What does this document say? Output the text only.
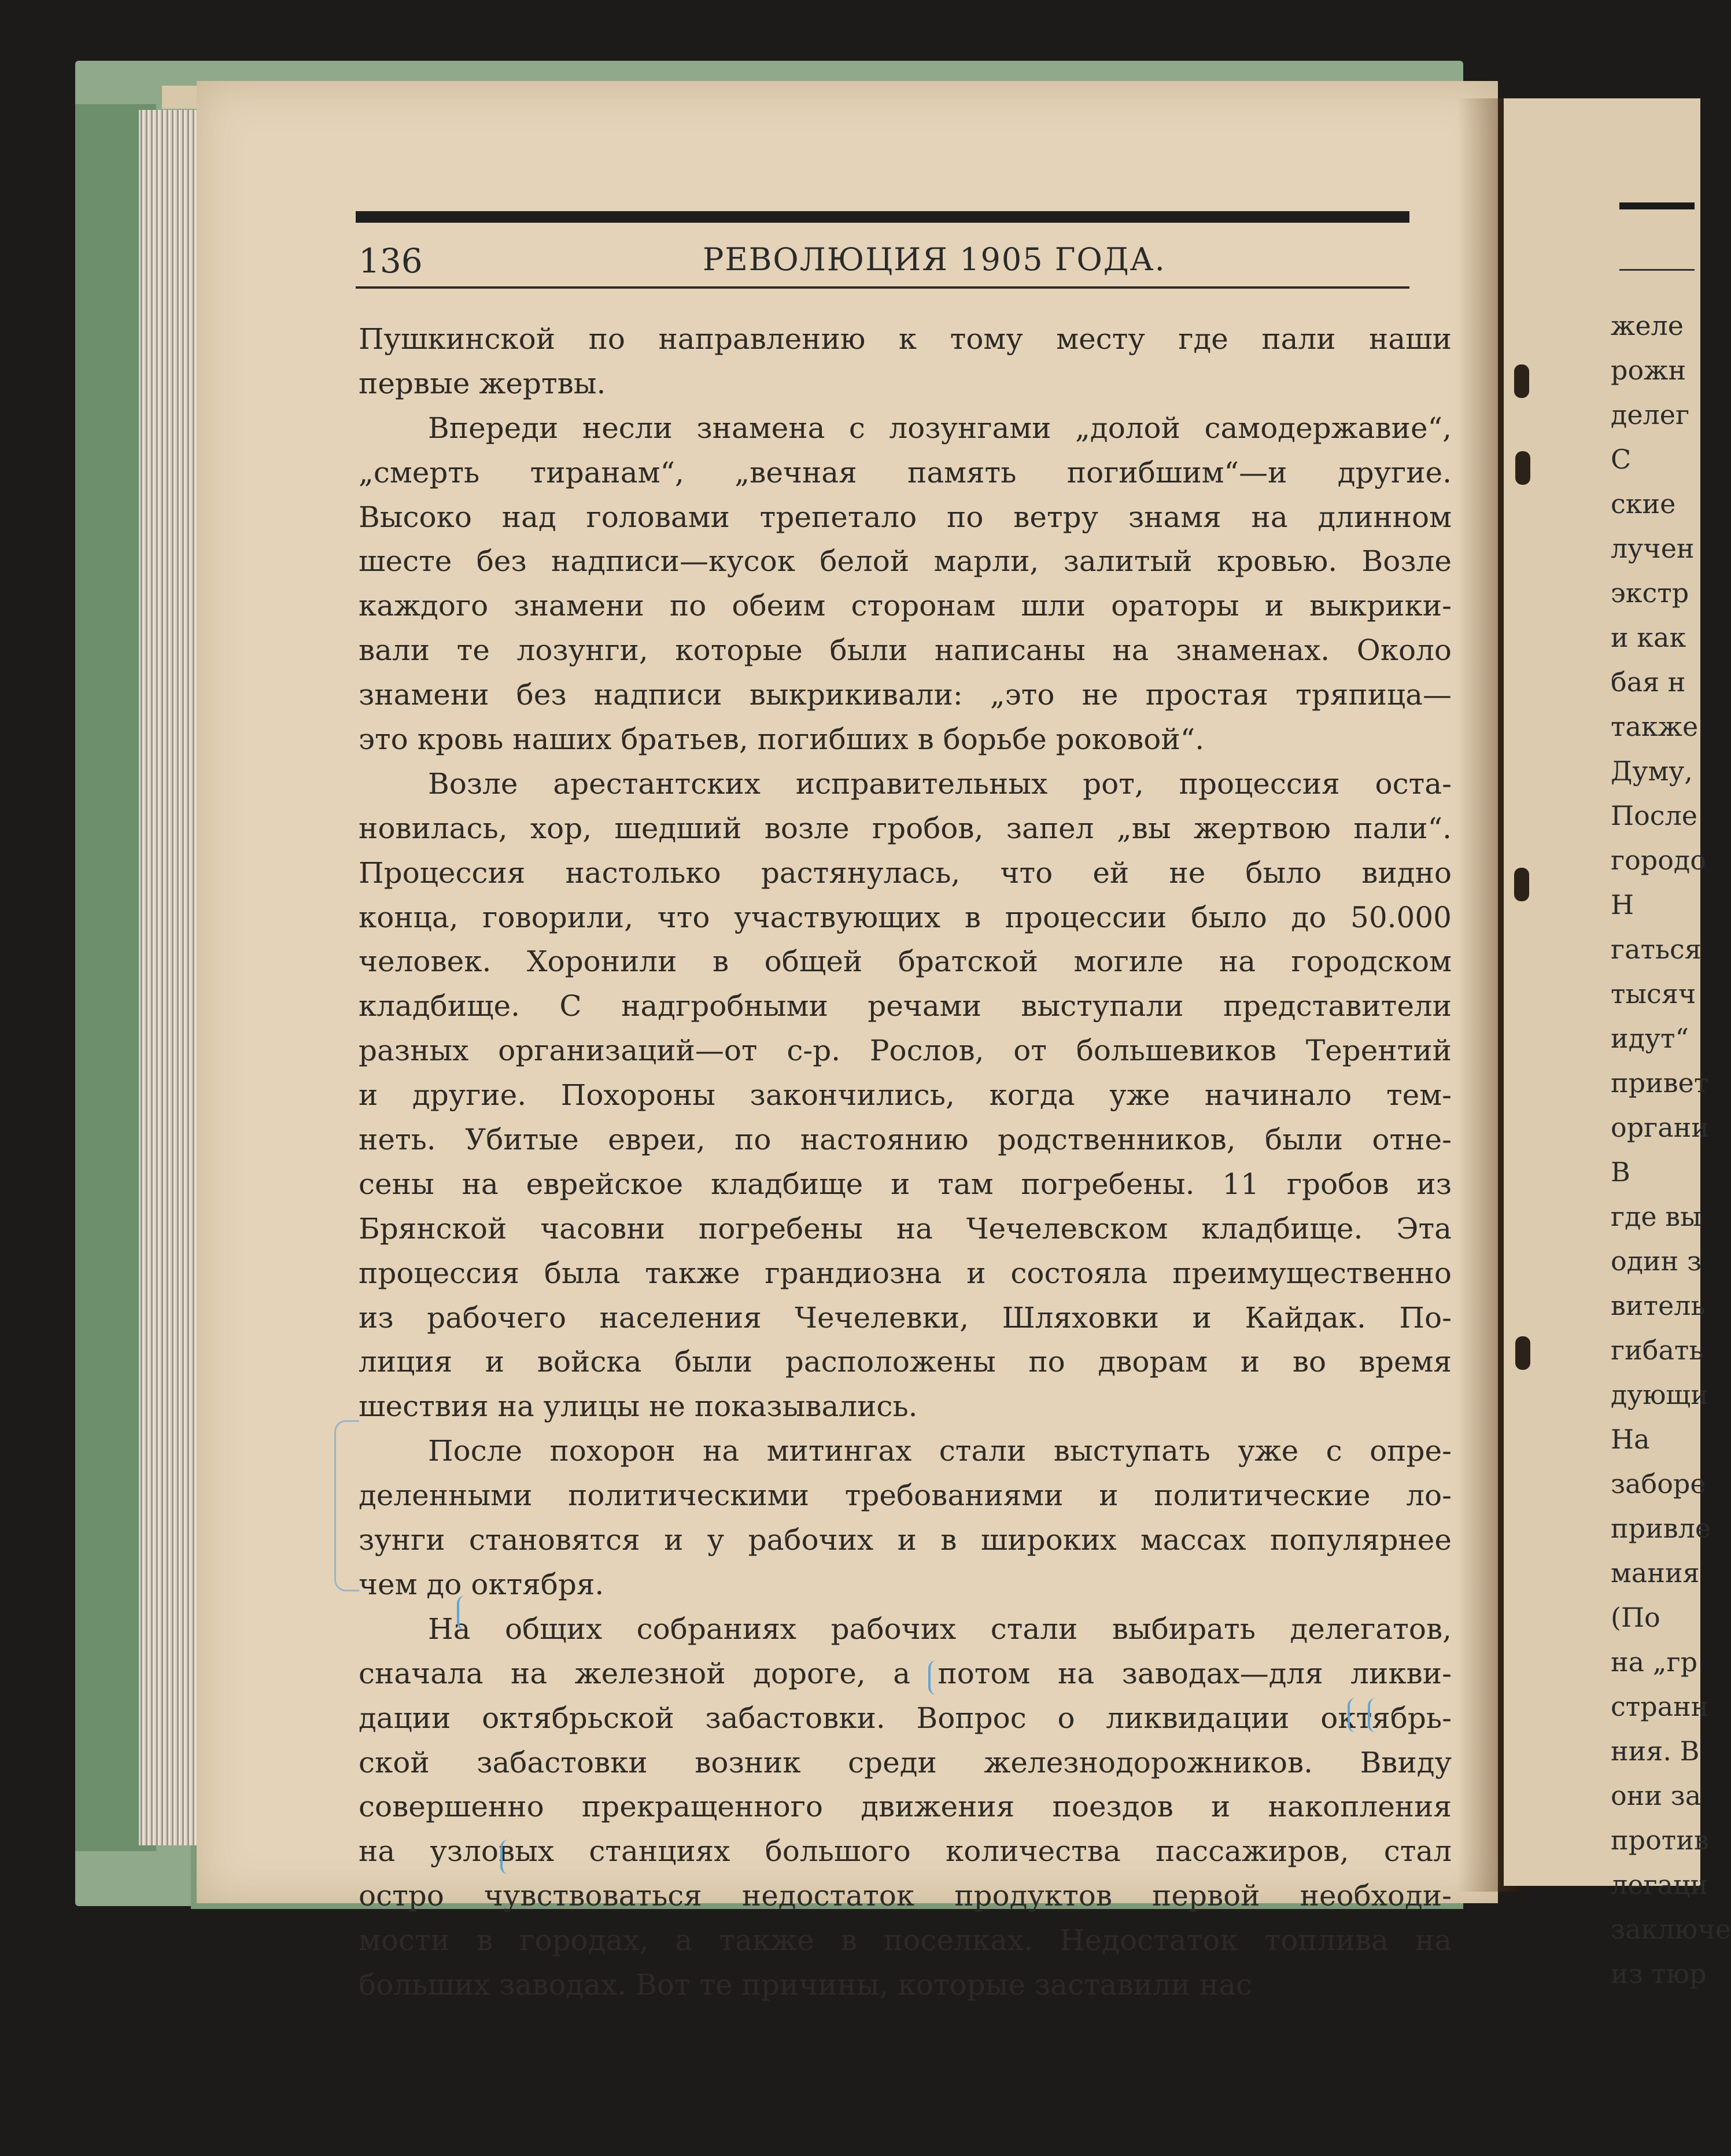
желе
рожн
делег
С
ские
лучен
экстр
и как
бая н
также
Думу,
После
городо
Н
гаться
тысяч
идут“
привет
органи
В
где вы
один з
витель
гибать
дующи
На
заборе
привле
мания
(По
на „гр
странн
ния. В
они за
против
легаци
заключе
из тюр
136	РЕВОЛЮЦИЯ 1905 ГОДА.
Пушкинской по направлению к тому месту где пали наши
первые жертвы.
Впереди несли знамена с лозунгами „долой самодержавие“,
„смерть тиранам“, „вечная память погибшим“—и другие.
Высоко над головами трепетало по ветру знамя на длинном
шесте без надписи—кусок белой марли, залитый кровью. Возле
каждого знамени по обеим сторонам шли ораторы и выкрики-
вали те лозунги, которые были написаны на знаменах. Около
знамени без надписи выкрикивали: „это не простая тряпица—
это кровь наших братьев, погибших в борьбе роковой“.
Возле арестантских исправительных рот, процессия оста-
новилась, хор, шедший возле гробов, запел „вы жертвою пали“.
Процессия настолько растянулась, что ей не было видно
конца, говорили, что участвующих в процессии было до 50.000
человек. Хоронили в общей братской могиле на городском
кладбище. С надгробными речами выступали представители
разных организаций—от с-р. Рослов, от большевиков Терентий
и другие. Похороны закончились, когда уже начинало тем-
неть. Убитые евреи, по настоянию родственников, были отне-
сены на еврейское кладбище и там погребены. 11 гробов из
Брянской часовни погребены на Чечелевском кладбище. Эта
процессия была также грандиозна и состояла преимущественно
из рабочего населения Чечелевки, Шляховки и Кайдак. По-
лиция и войска были расположены по дворам и во время
шествия на улицы не показывались.
После похорон на митингах стали выступать уже с опре-
деленными политическими требованиями и политические ло-
зунги становятся и у рабочих и в широких массах популярнее
чем до октября.
На общих собраниях рабочих стали выбирать делегатов,
сначала на железной дороге, а потом на заводах—для ликви-
дации октябрьской забастовки. Вопрос о ликвидации октябрь-
ской забастовки возник среди железнодорожников. Ввиду
совершенно прекращенного движения поездов и накопления
на узловых станциях большого количества пассажиров, стал
остро чувствоваться недостаток продуктов первой необходи-
мости в городах, а также в поселках. Недостаток топлива на
больших заводах. Вот те причины, которые заставили нас
